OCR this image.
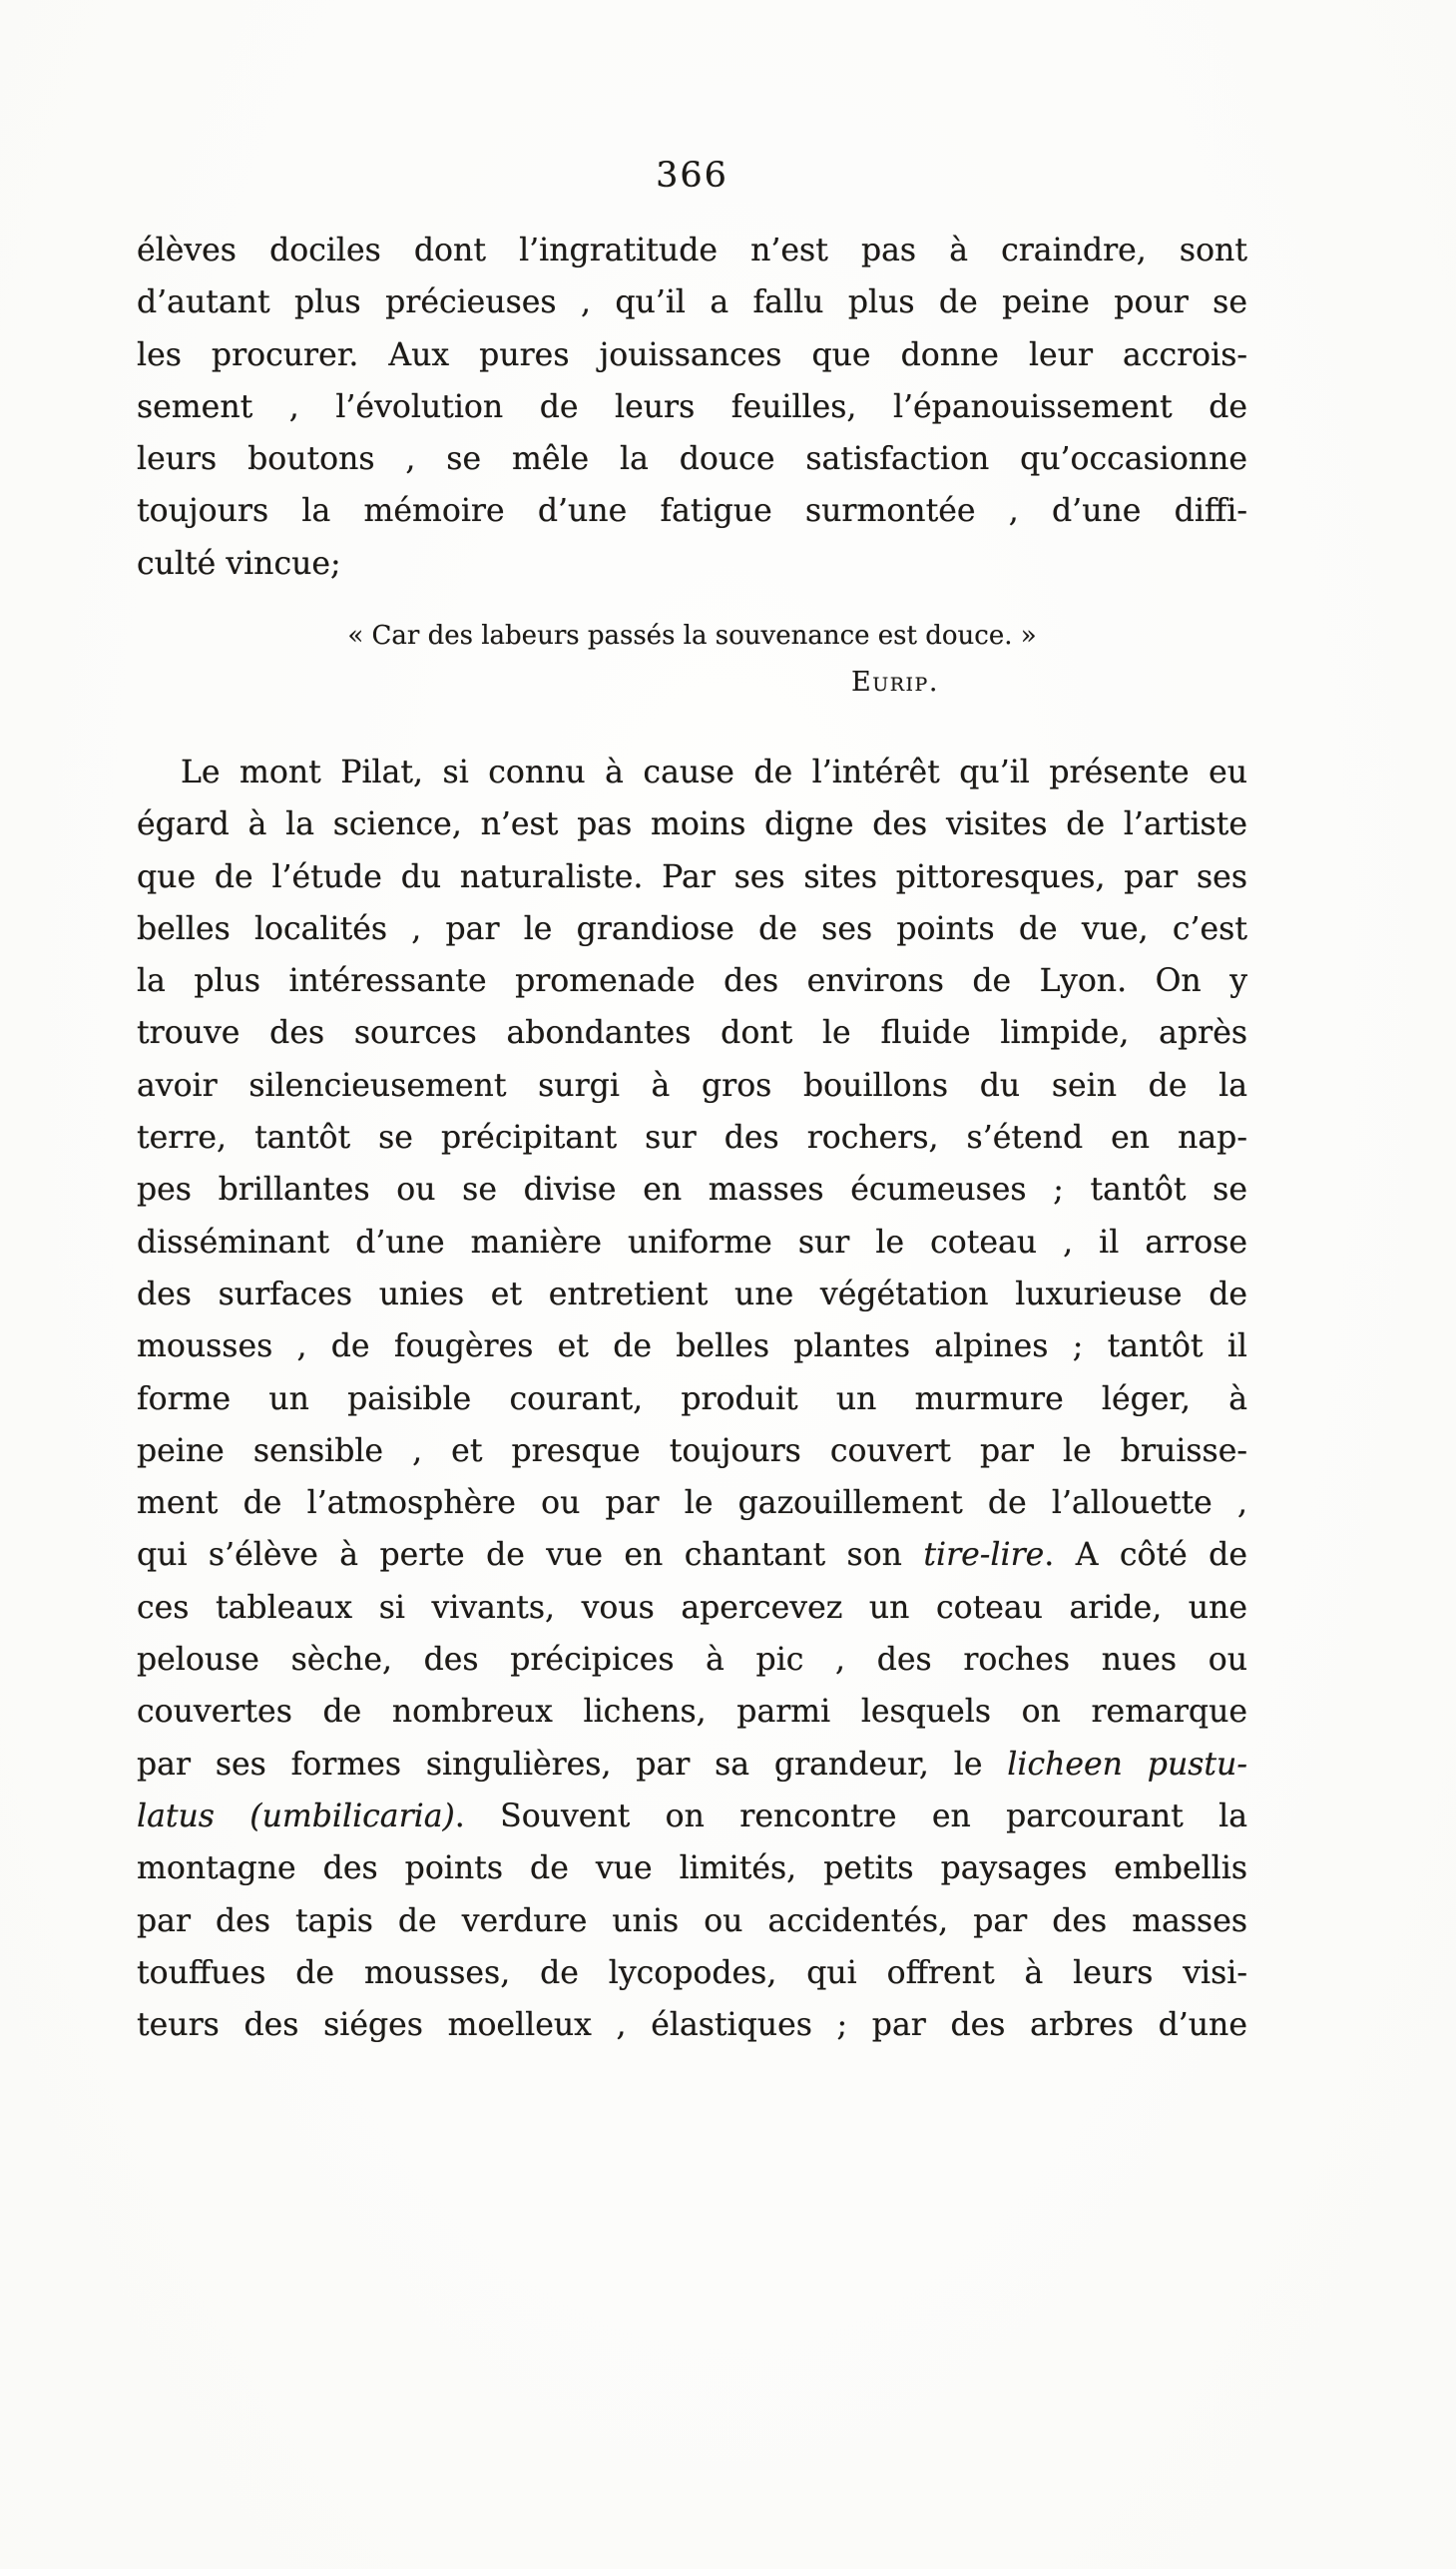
366
élèves dociles dont l’ingratitude n’est pas à craindre, sont
d’autant plus précieuses , qu’il a fallu plus de peine pour se
les procurer. Aux pures jouissances que donne leur accrois-
sement , l’évolution de leurs feuilles, l’épanouissement de
leurs boutons , se mêle la douce satisfaction qu’occasionne
toujours la mémoire d’une fatigue surmontée , d’une diffi-
culté vincue;
« Car des labeurs passés la souvenance est douce. »
Eurip.
Le mont Pilat, si connu à cause de l’intérêt qu’il présente eu
égard à la science, n’est pas moins digne des visites de l’artiste
que de l’étude du naturaliste. Par ses sites pittoresques, par ses
belles localités , par le grandiose de ses points de vue, c’est
la plus intéressante promenade des environs de Lyon. On y
trouve des sources abondantes dont le fluide limpide, après
avoir silencieusement surgi à gros bouillons du sein de la
terre, tantôt se précipitant sur des rochers, s’étend en nap-
pes brillantes ou se divise en masses écumeuses ; tantôt se
disséminant d’une manière uniforme sur le coteau , il arrose
des surfaces unies et entretient une végétation luxurieuse de
mousses , de fougères et de belles plantes alpines ; tantôt il
forme un paisible courant, produit un murmure léger, à
peine sensible , et presque toujours couvert par le bruisse-
ment de l’atmosphère ou par le gazouillement de l’allouette ,
qui s’élève à perte de vue en chantant son tire-lire. A côté de
ces tableaux si vivants, vous apercevez un coteau aride, une
pelouse sèche, des précipices à pic , des roches nues ou
couvertes de nombreux lichens, parmi lesquels on remarque
par ses formes singulières, par sa grandeur, le licheen pustu-
latus (umbilicaria). Souvent on rencontre en parcourant la
montagne des points de vue limités, petits paysages embellis
par des tapis de verdure unis ou accidentés, par des masses
touffues de mousses, de lycopodes, qui offrent à leurs visi-
teurs des siéges moelleux , élastiques ; par des arbres d’une
